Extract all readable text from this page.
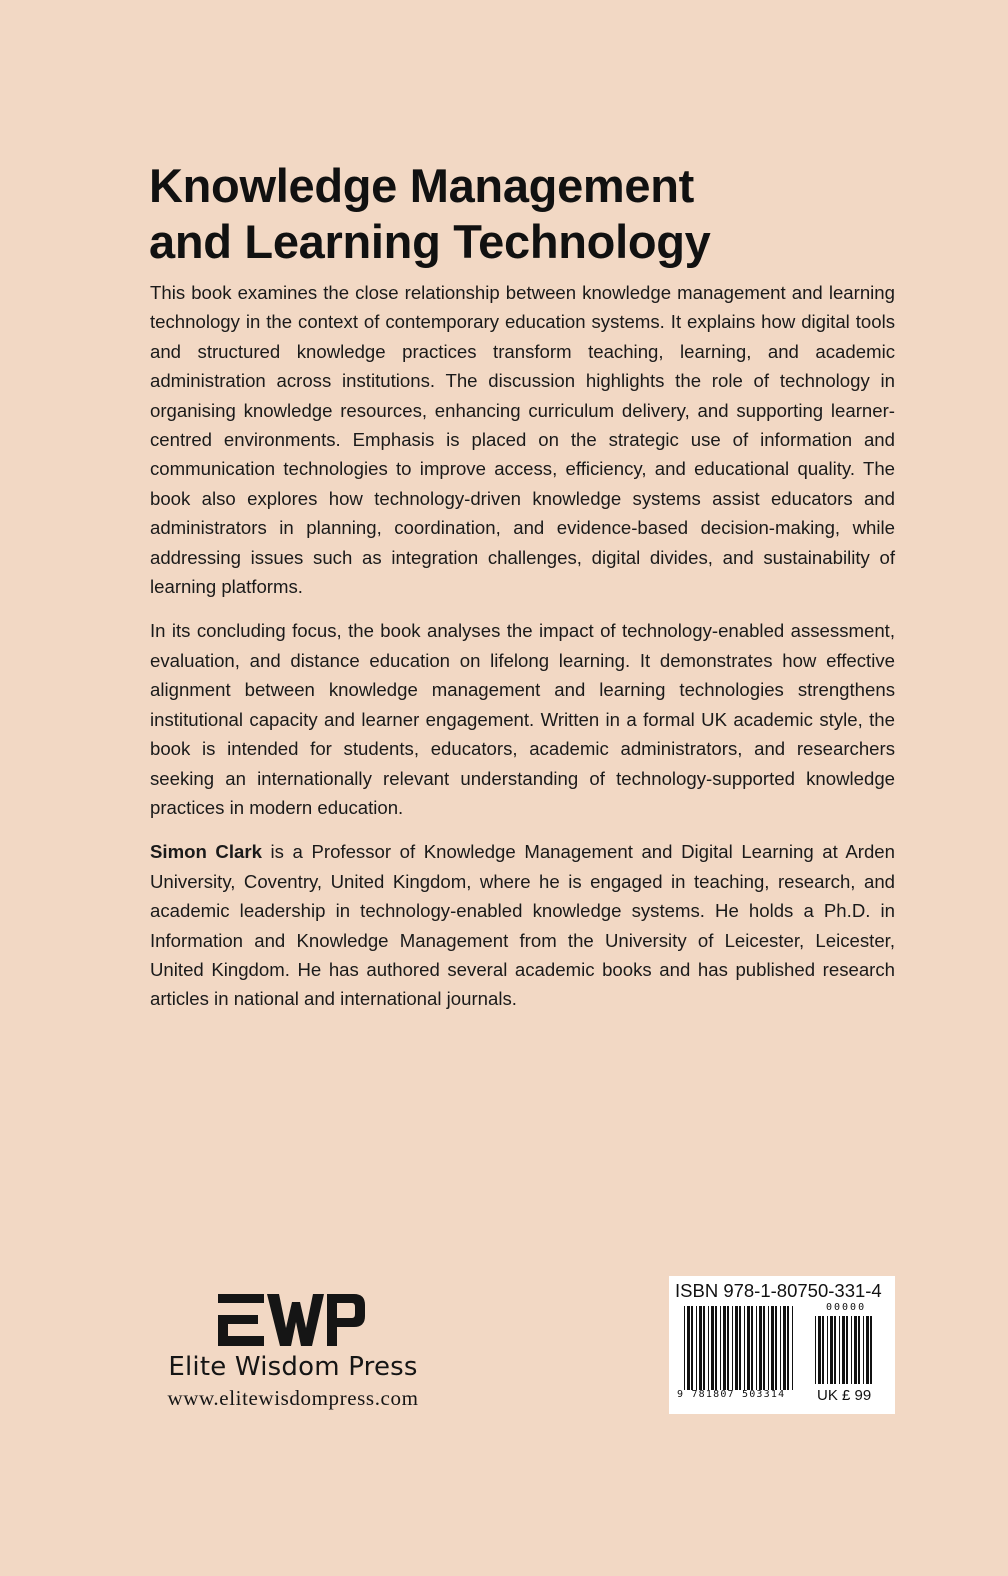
Knowledge Management
and Learning Technology

This book examines the close relationship between knowledge management and learning technology in the context of contemporary education systems. It explains how digital tools and structured knowledge practices transform teaching, learning, and academic administration across institutions. The discussion highlights the role of technology in organising knowledge resources, enhancing curriculum delivery, and supporting learner-centred environments. Emphasis is placed on the strategic use of information and communication technologies to improve access, efficiency, and educational quality. The book also explores how technology-driven knowledge systems assist educators and administrators in planning, coordination, and evidence-based decision-making, while addressing issues such as integration challenges, digital divides, and sustainability of learning platforms.

In its concluding focus, the book analyses the impact of technology-enabled assessment, evaluation, and distance education on lifelong learning. It demonstrates how effective alignment between knowledge management and learning technologies strengthens institutional capacity and learner engagement. Written in a formal UK academic style, the book is intended for students, educators, academic administrators, and researchers seeking an internationally relevant understanding of technology-supported knowledge practices in modern education.

Simon Clark is a Professor of Knowledge Management and Digital Learning at Arden University, Coventry, United Kingdom, where he is engaged in teaching, research, and academic leadership in technology-enabled knowledge systems. He holds a Ph.D. in Information and Knowledge Management from the University of Leicester, Leicester, United Kingdom. He has authored several academic books and has published research articles in national and international journals.

Elite Wisdom Press
www.elitewisdompress.com
ISBN 978-1-80750-331-4
00000
9 781807 503314 UK £ 99
